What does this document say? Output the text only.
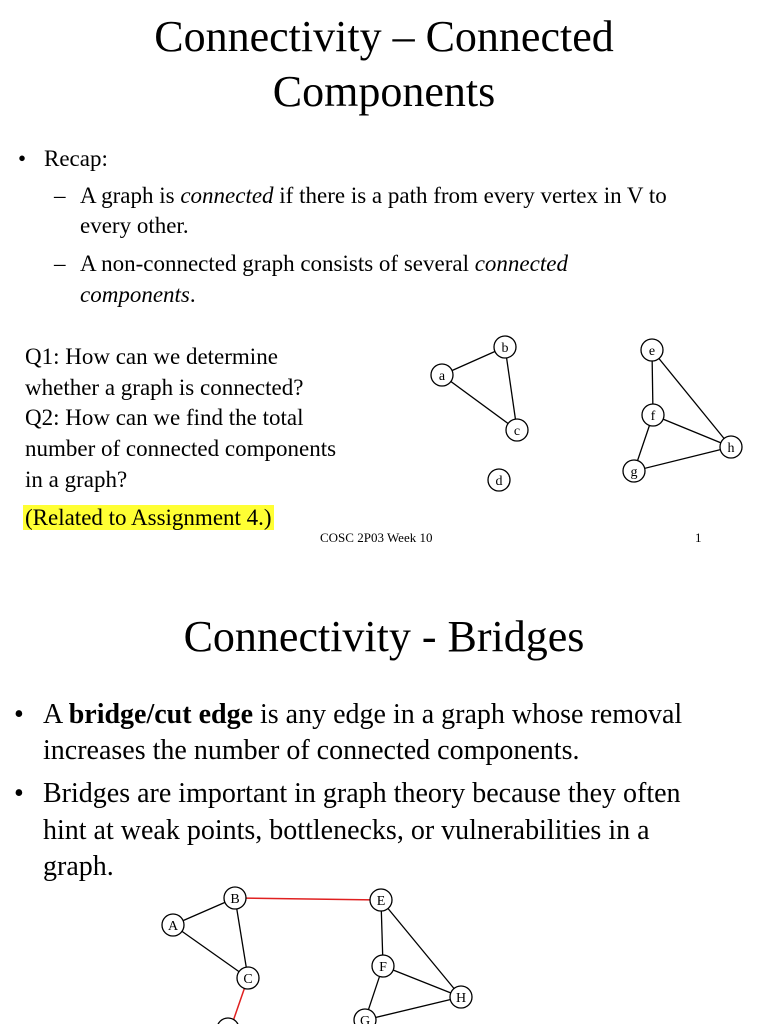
Connectivity – Connected
Components
• Recap:
– A graph is connected if there is a path from every vertex in V to
every other.
– A non-connected graph consists of several connected
components.
Q1: How can we determine
whether a graph is connected?
Q2: How can we find the total
number of connected components
in a graph?
(Related to Assignment 4.)
COSC 2P03 Week 10	1
a
b
c
d
e
f
g
h
Connectivity - Bridges
• A bridge/cut edge is any edge in a graph whose removal
increases the number of connected components.
• Bridges are important in graph theory because they often
hint at weak points, bottlenecks, or vulnerabilities in a
graph.
A
B
C
E
F
G
H
